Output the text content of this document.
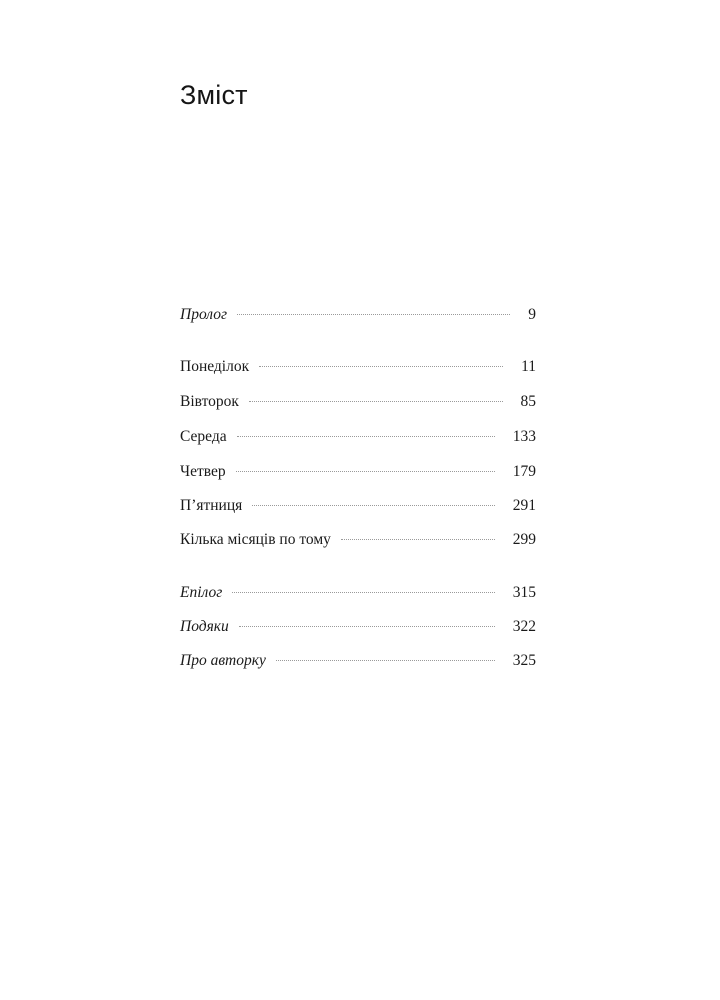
Зміст
Пролог	9
Понеділок	11
Вівторок	85
Середа	133
Четвер	179
П’ятниця	291
Кілька місяців по тому	299
Епілог	315
Подяки	322
Про авторку	325
